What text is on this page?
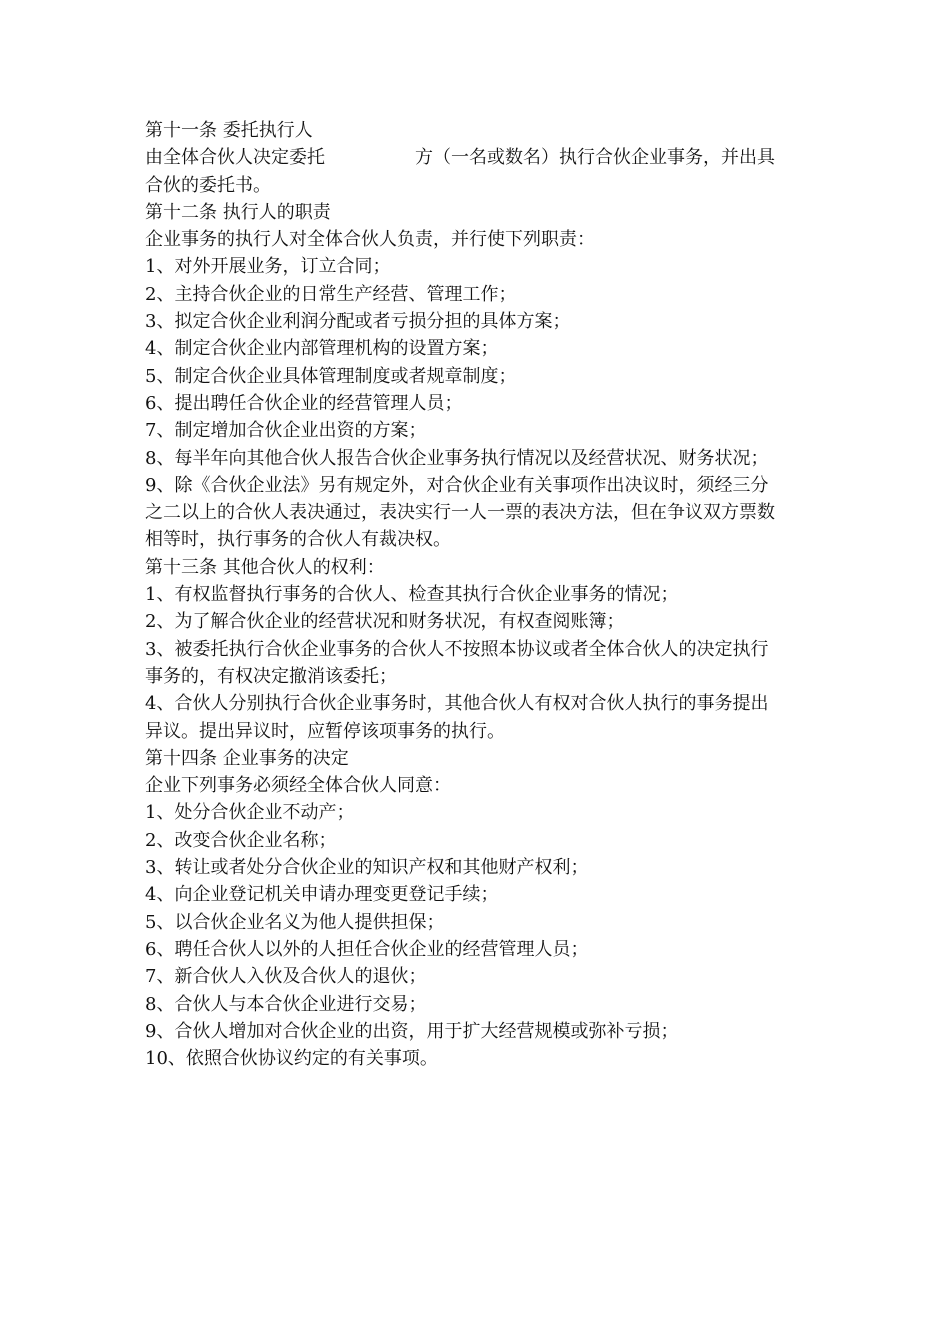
第十一条 委托执行人
由全体合伙人决定委托	方（一名或数名）执行合伙企业事务，并出具
合伙的委托书。
第十二条 执行人的职责
企业事务的执行人对全体合伙人负责，并行使下列职责：
1、对外开展业务，订立合同；
2、主持合伙企业的日常生产经营、管理工作；
3、拟定合伙企业利润分配或者亏损分担的具体方案；
4、制定合伙企业内部管理机构的设置方案；
5、制定合伙企业具体管理制度或者规章制度；
6、提出聘任合伙企业的经营管理人员；
7、制定增加合伙企业出资的方案；
8、每半年向其他合伙人报告合伙企业事务执行情况以及经营状况、财务状况；
9、除《合伙企业法》另有规定外，对合伙企业有关事项作出决议时，须经三分
之二以上的合伙人表决通过，表决实行一人一票的表决方法，但在争议双方票数
相等时，执行事务的合伙人有裁决权。
第十三条 其他合伙人的权利：
1、有权监督执行事务的合伙人、检查其执行合伙企业事务的情况；
2、为了解合伙企业的经营状况和财务状况，有权查阅账簿；
3、被委托执行合伙企业事务的合伙人不按照本协议或者全体合伙人的决定执行
事务的，有权决定撤消该委托；
4、合伙人分别执行合伙企业事务时，其他合伙人有权对合伙人执行的事务提出
异议。提出异议时，应暂停该项事务的执行。
第十四条 企业事务的决定
企业下列事务必须经全体合伙人同意：
1、处分合伙企业不动产；
2、改变合伙企业名称；
3、转让或者处分合伙企业的知识产权和其他财产权利；
4、向企业登记机关申请办理变更登记手续；
5、以合伙企业名义为他人提供担保；
6、聘任合伙人以外的人担任合伙企业的经营管理人员；
7、新合伙人入伙及合伙人的退伙；
8、合伙人与本合伙企业进行交易；
9、合伙人增加对合伙企业的出资，用于扩大经营规模或弥补亏损；
10、依照合伙协议约定的有关事项。
